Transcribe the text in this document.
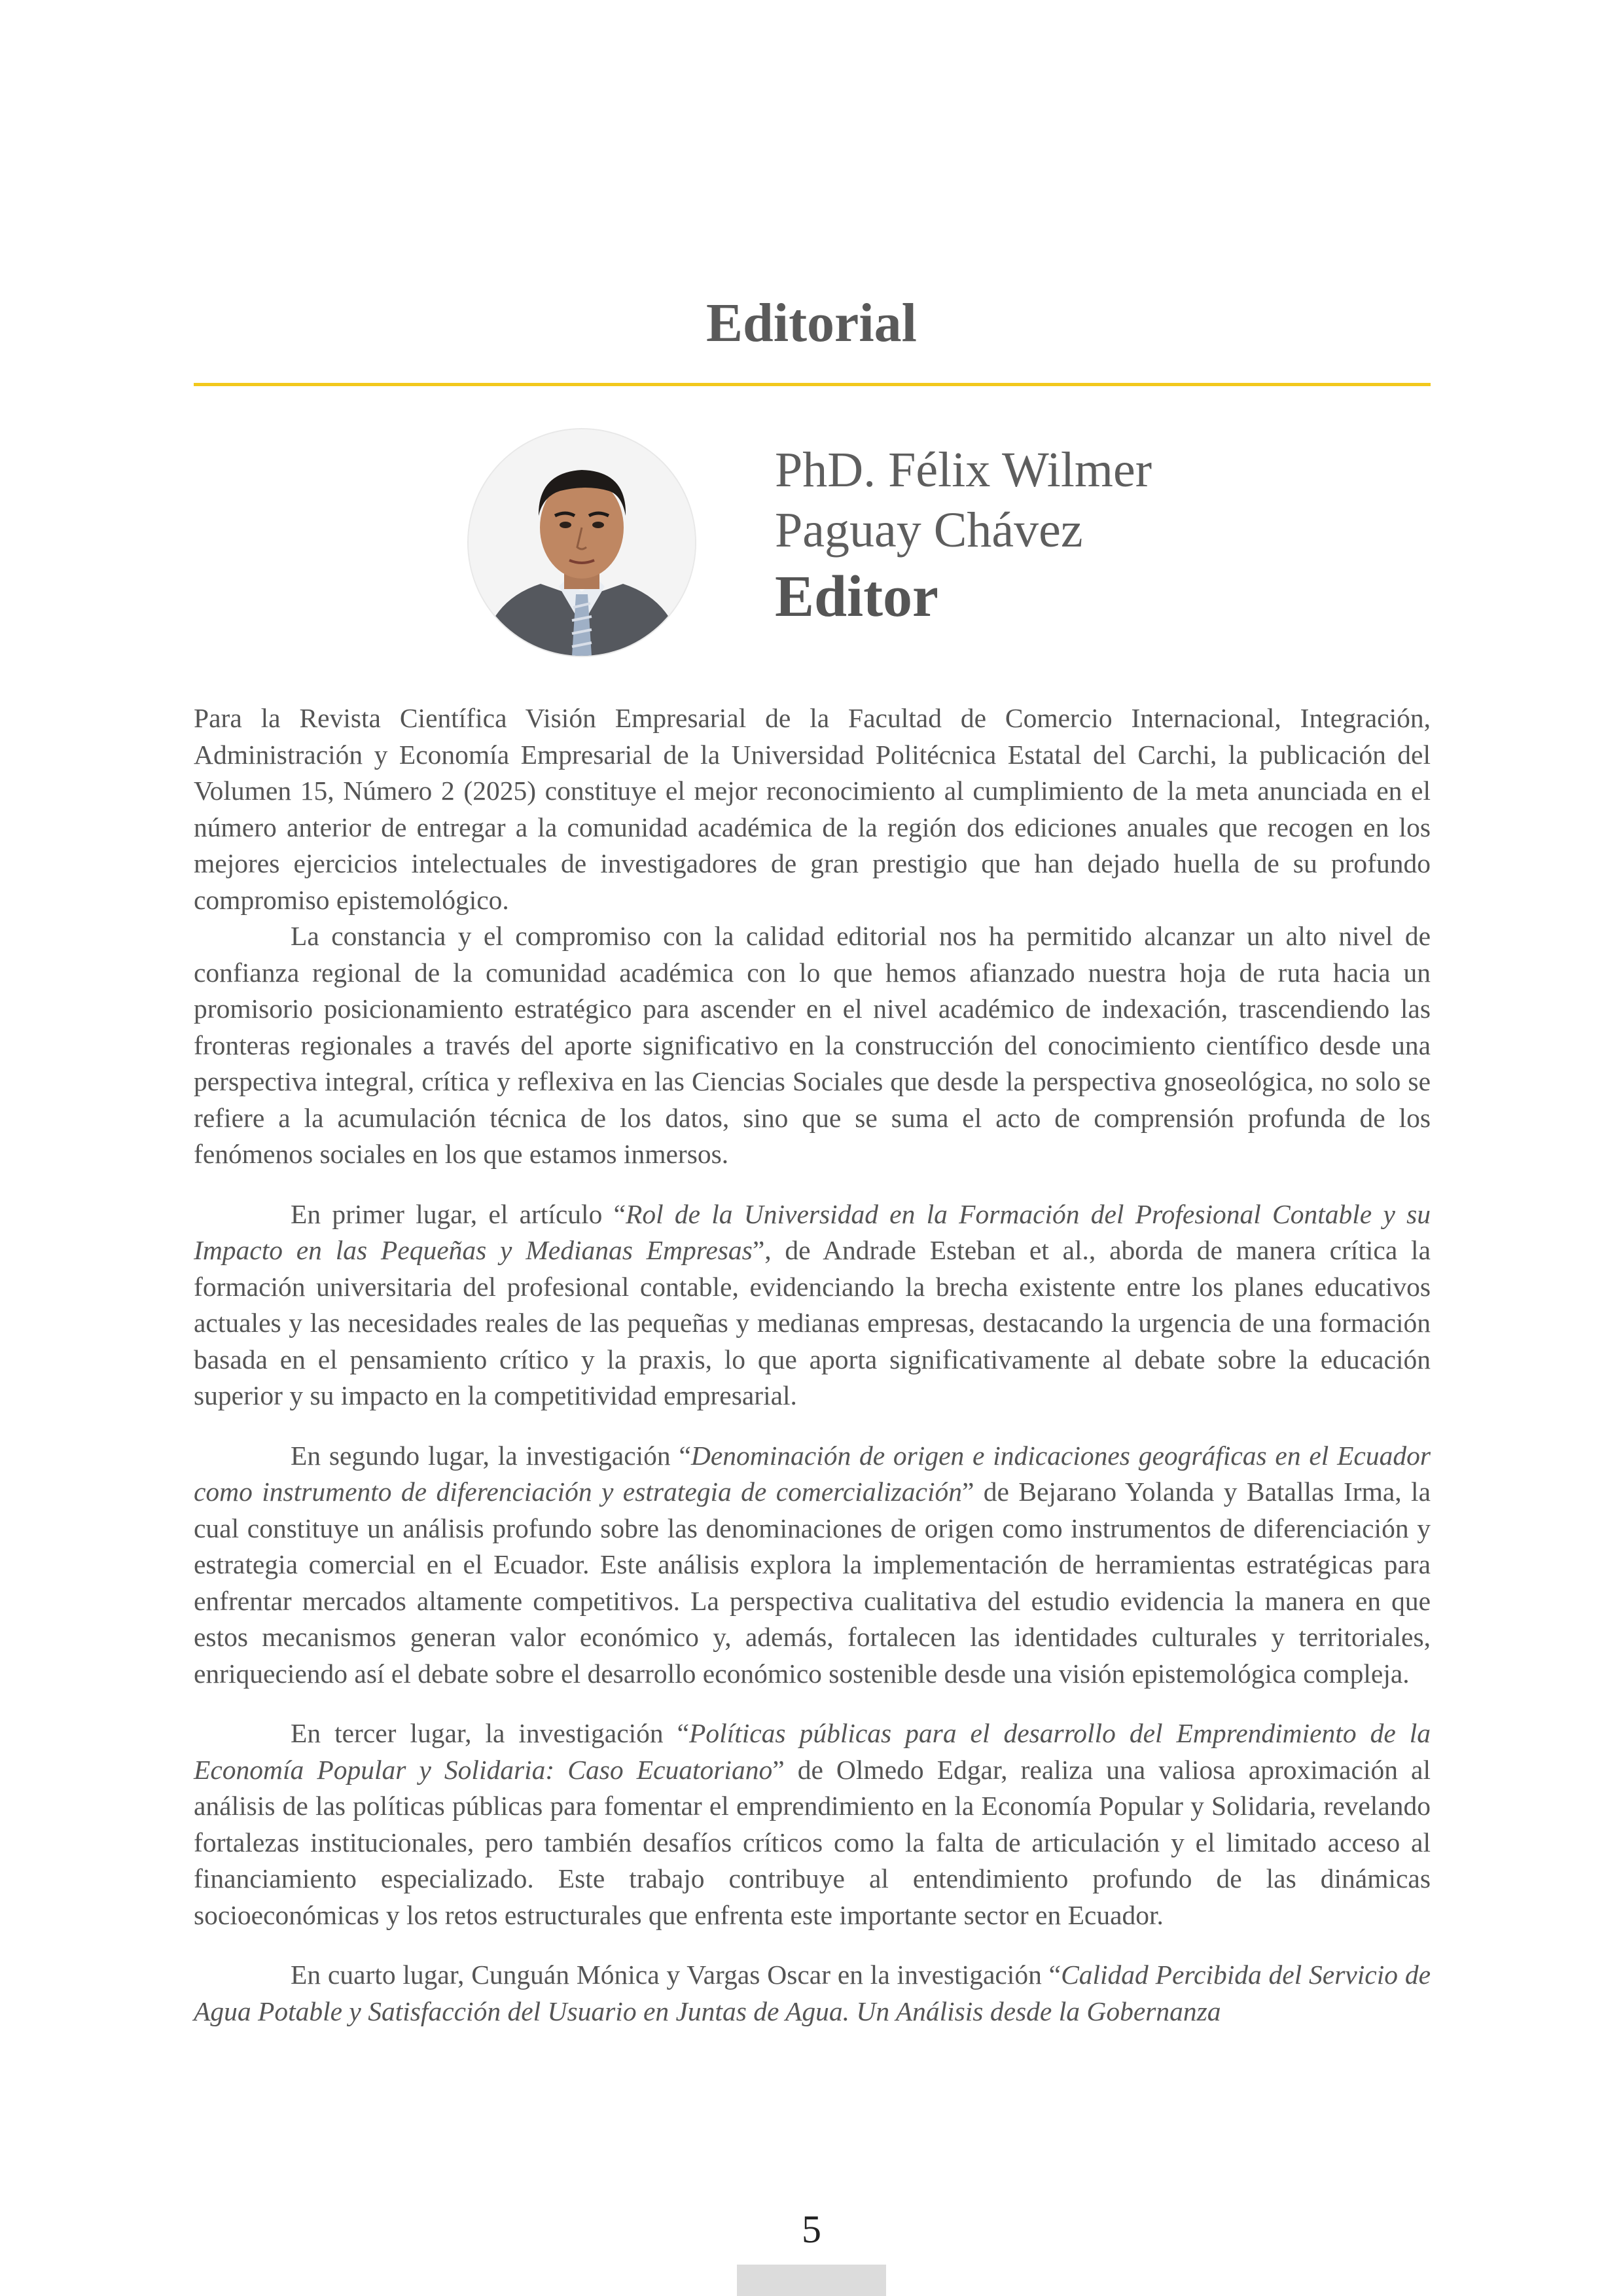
Editorial
PhD. Félix Wilmer
Paguay Chávez
Editor

Para la Revista Científica Visión Empresarial de la Facultad de Comercio Internacional, Integración, Administración y Economía Empresarial de la Universidad Politécnica Estatal del Carchi, la publicación del Volumen 15, Número 2 (2025) constituye el mejor reconocimiento al cumplimiento de la meta anunciada en el número anterior de entregar a la comunidad académica de la región dos ediciones anuales que recogen en los mejores ejercicios intelectuales de investigadores de gran prestigio que han dejado huella de su profundo compromiso epistemológico.

La constancia y el compromiso con la calidad editorial nos ha permitido alcanzar un alto nivel de confianza regional de la comunidad académica con lo que hemos afianzado nuestra hoja de ruta hacia un promisorio posicionamiento estratégico para ascender en el nivel académico de indexación, trascendiendo las fronteras regionales a través del aporte significativo en la construcción del conocimiento científico desde una perspectiva integral, crítica y reflexiva en las Ciencias Sociales que desde la perspectiva gnoseológica, no solo se refiere a la acumulación técnica de los datos, sino que se suma el acto de comprensión profunda de los fenómenos sociales en los que estamos inmersos.

En primer lugar, el artículo “Rol de la Universidad en la Formación del Profesional Contable y su Impacto en las Pequeñas y Medianas Empresas”, de Andrade Esteban et al., aborda de manera crítica la formación universitaria del profesional contable, evidenciando la brecha existente entre los planes educativos actuales y las necesidades reales de las pequeñas y medianas empresas, destacando la urgencia de una formación basada en el pensamiento crítico y la praxis, lo que aporta significativamente al debate sobre la educación superior y su impacto en la competitividad empresarial.

En segundo lugar, la investigación “Denominación de origen e indicaciones geográficas en el Ecuador como instrumento de diferenciación y estrategia de comercialización” de Bejarano Yolanda y Batallas Irma, la cual constituye un análisis profundo sobre las denominaciones de origen como instrumentos de diferenciación y estrategia comercial en el Ecuador. Este análisis explora la implementación de herramientas estratégicas para enfrentar mercados altamente competitivos. La perspectiva cualitativa del estudio evidencia la manera en que estos mecanismos generan valor económico y, además, fortalecen las identidades culturales y territoriales, enriqueciendo así el debate sobre el desarrollo económico sostenible desde una visión epistemológica compleja.

En tercer lugar, la investigación “Políticas públicas para el desarrollo del Emprendimiento de la Economía Popular y Solidaria: Caso Ecuatoriano” de Olmedo Edgar, realiza una valiosa aproximación al análisis de las políticas públicas para fomentar el emprendimiento en la Economía Popular y Solidaria, revelando fortalezas institucionales, pero también desafíos críticos como la falta de articulación y el limitado acceso al financiamiento especializado. Este trabajo contribuye al entendimiento profundo de las dinámicas socioeconómicas y los retos estructurales que enfrenta este importante sector en Ecuador.

En cuarto lugar, Cunguán Mónica y Vargas Oscar en la investigación “Calidad Percibida del Servicio de Agua Potable y Satisfacción del Usuario en Juntas de Agua. Un Análisis desde la Gobernanza

5
